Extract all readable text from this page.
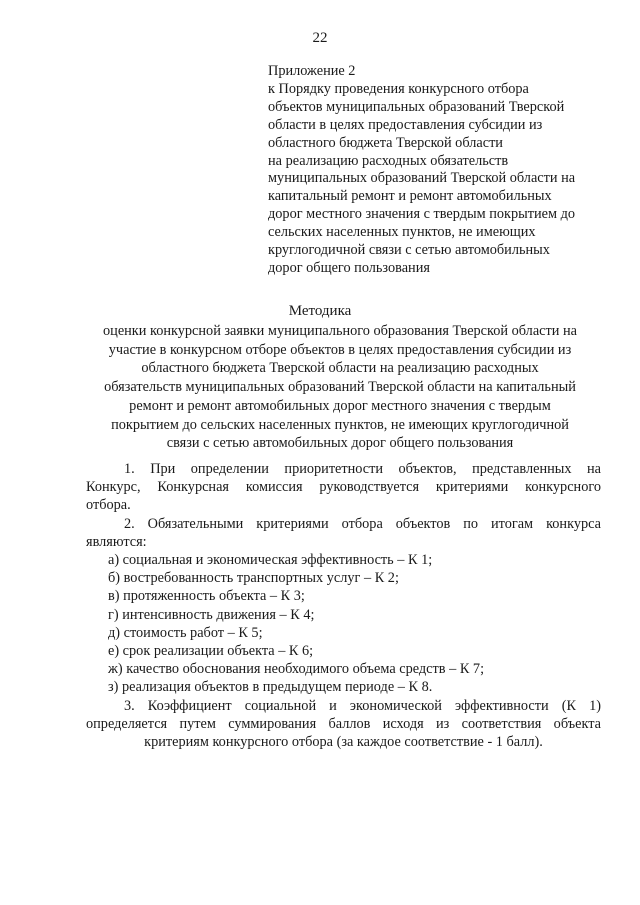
22
Приложение 2
к Порядку проведения конкурсного отбора
объектов муниципальных образований Тверской
области в целях предоставления субсидии из
областного бюджета Тверской области
на реализацию расходных обязательств
муниципальных образований Тверской области на
капитальный ремонт и ремонт автомобильных
дорог местного значения с твердым покрытием до
сельских населенных пунктов, не имеющих
круглогодичной связи с сетью автомобильных
дорог общего пользования
Методика
оценки конкурсной заявки муниципального образования Тверской области на
участие в конкурсном отборе объектов в целях предоставления субсидии из
областного бюджета Тверской области на реализацию расходных
обязательств муниципальных образований Тверской области на капитальный
ремонт и ремонт автомобильных дорог местного значения с твердым
покрытием до сельских населенных пунктов, не имеющих круглогодичной
связи с сетью автомобильных дорог общего пользования
1. При определении приоритетности объектов, представленных на
Конкурс, Конкурсная комиссия руководствуется критериями конкурсного
отбора.
2. Обязательными критериями отбора объектов по итогам конкурса
являются:
а) социальная и экономическая эффективность – К 1;
б) востребованность транспортных услуг – К 2;
в) протяженность объекта – К 3;
г) интенсивность движения – К 4;
д) стоимость работ – К 5;
е) срок реализации объекта – К 6;
ж) качество обоснования необходимого объема средств – К 7;
з) реализация объектов в предыдущем периоде – К 8.
3. Коэффициент социальной и экономической эффективности (К 1)
определяется путем суммирования баллов исходя из соответствия объекта
критериям конкурсного отбора (за каждое соответствие - 1 балл).
